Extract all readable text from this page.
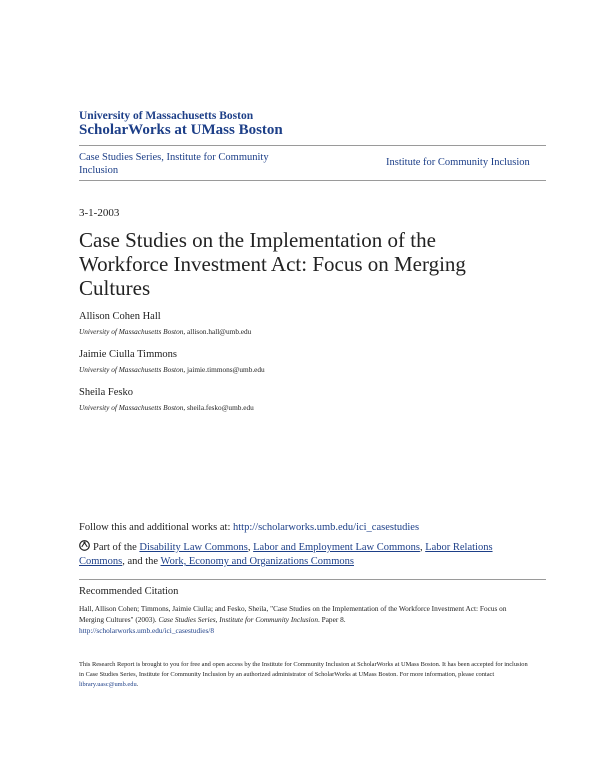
University of Massachusetts Boston
ScholarWorks at UMass Boston
Case Studies Series, Institute for Community Inclusion
Institute for Community Inclusion
3-1-2003
Case Studies on the Implementation of the Workforce Investment Act: Focus on Merging Cultures
Allison Cohen Hall
University of Massachusetts Boston, allison.hall@umb.edu
Jaimie Ciulla Timmons
University of Massachusetts Boston, jaimie.timmons@umb.edu
Sheila Fesko
University of Massachusetts Boston, sheila.fesko@umb.edu
Follow this and additional works at: http://scholarworks.umb.edu/ici_casestudies
Part of the Disability Law Commons, Labor and Employment Law Commons, Labor Relations Commons, and the Work, Economy and Organizations Commons
Recommended Citation
Hall, Allison Cohen; Timmons, Jaimie Ciulla; and Fesko, Sheila, "Case Studies on the Implementation of the Workforce Investment Act: Focus on Merging Cultures" (2003). Case Studies Series, Institute for Community Inclusion. Paper 8.
http://scholarworks.umb.edu/ici_casestudies/8
This Research Report is brought to you for free and open access by the Institute for Community Inclusion at ScholarWorks at UMass Boston. It has been accepted for inclusion in Case Studies Series, Institute for Community Inclusion by an authorized administrator of ScholarWorks at UMass Boston. For more information, please contact library.uasc@umb.edu.
